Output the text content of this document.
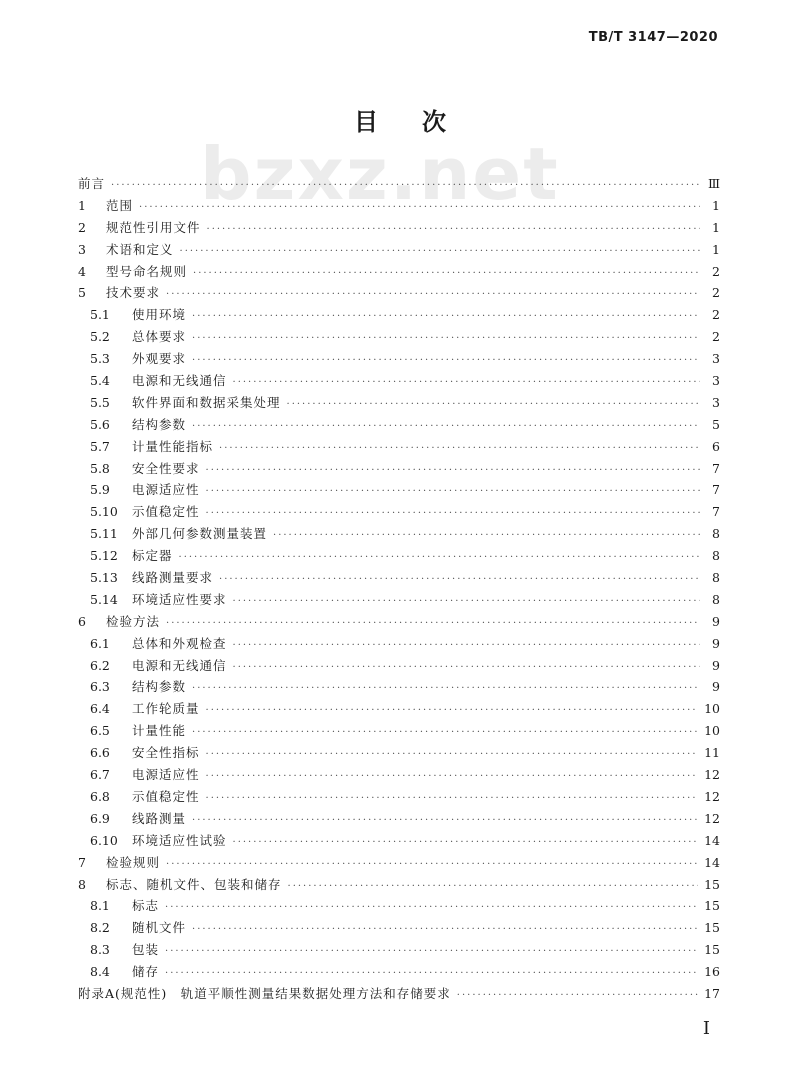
TB/T 3147—2020
bzxz.net
目次
前言 ·····	Ⅲ
1	范围 ·····	1
2	规范性引用文件 ·····	1
3	术语和定义 ·····	1
4	型号命名规则 ·····	2
5	技术要求 ·····	2
5.1	使用环境 ·····	2
5.2	总体要求 ·····	2
5.3	外观要求 ·····	3
5.4	电源和无线通信 ·····	3
5.5	软件界面和数据采集处理 ·····	3
5.6	结构参数 ·····	5
5.7	计量性能指标 ·····	6
5.8	安全性要求 ·····	7
5.9	电源适应性 ·····	7
5.10	示值稳定性 ·····	7
5.11	外部几何参数测量装置 ·····	8
5.12	标定器 ·····	8
5.13	线路测量要求 ·····	8
5.14	环境适应性要求 ·····	8
6	检验方法 ·····	9
6.1	总体和外观检查 ·····	9
6.2	电源和无线通信 ·····	9
6.3	结构参数 ·····	9
6.4	工作轮质量 ·····	10
6.5	计量性能 ·····	10
6.6	安全性指标 ·····	11
6.7	电源适应性 ·····	12
6.8	示值稳定性 ·····	12
6.9	线路测量 ·····	12
6.10	环境适应性试验 ·····	14
7	检验规则 ·····	14
8	标志、随机文件、包装和储存 ·····	15
8.1	标志 ·····	15
8.2	随机文件 ·····	15
8.3	包装 ·····	15
8.4	储存 ·····	16
附录A(规范性)　轨道平顺性测量结果数据处理方法和存储要求 ·····	17
Ⅰ
